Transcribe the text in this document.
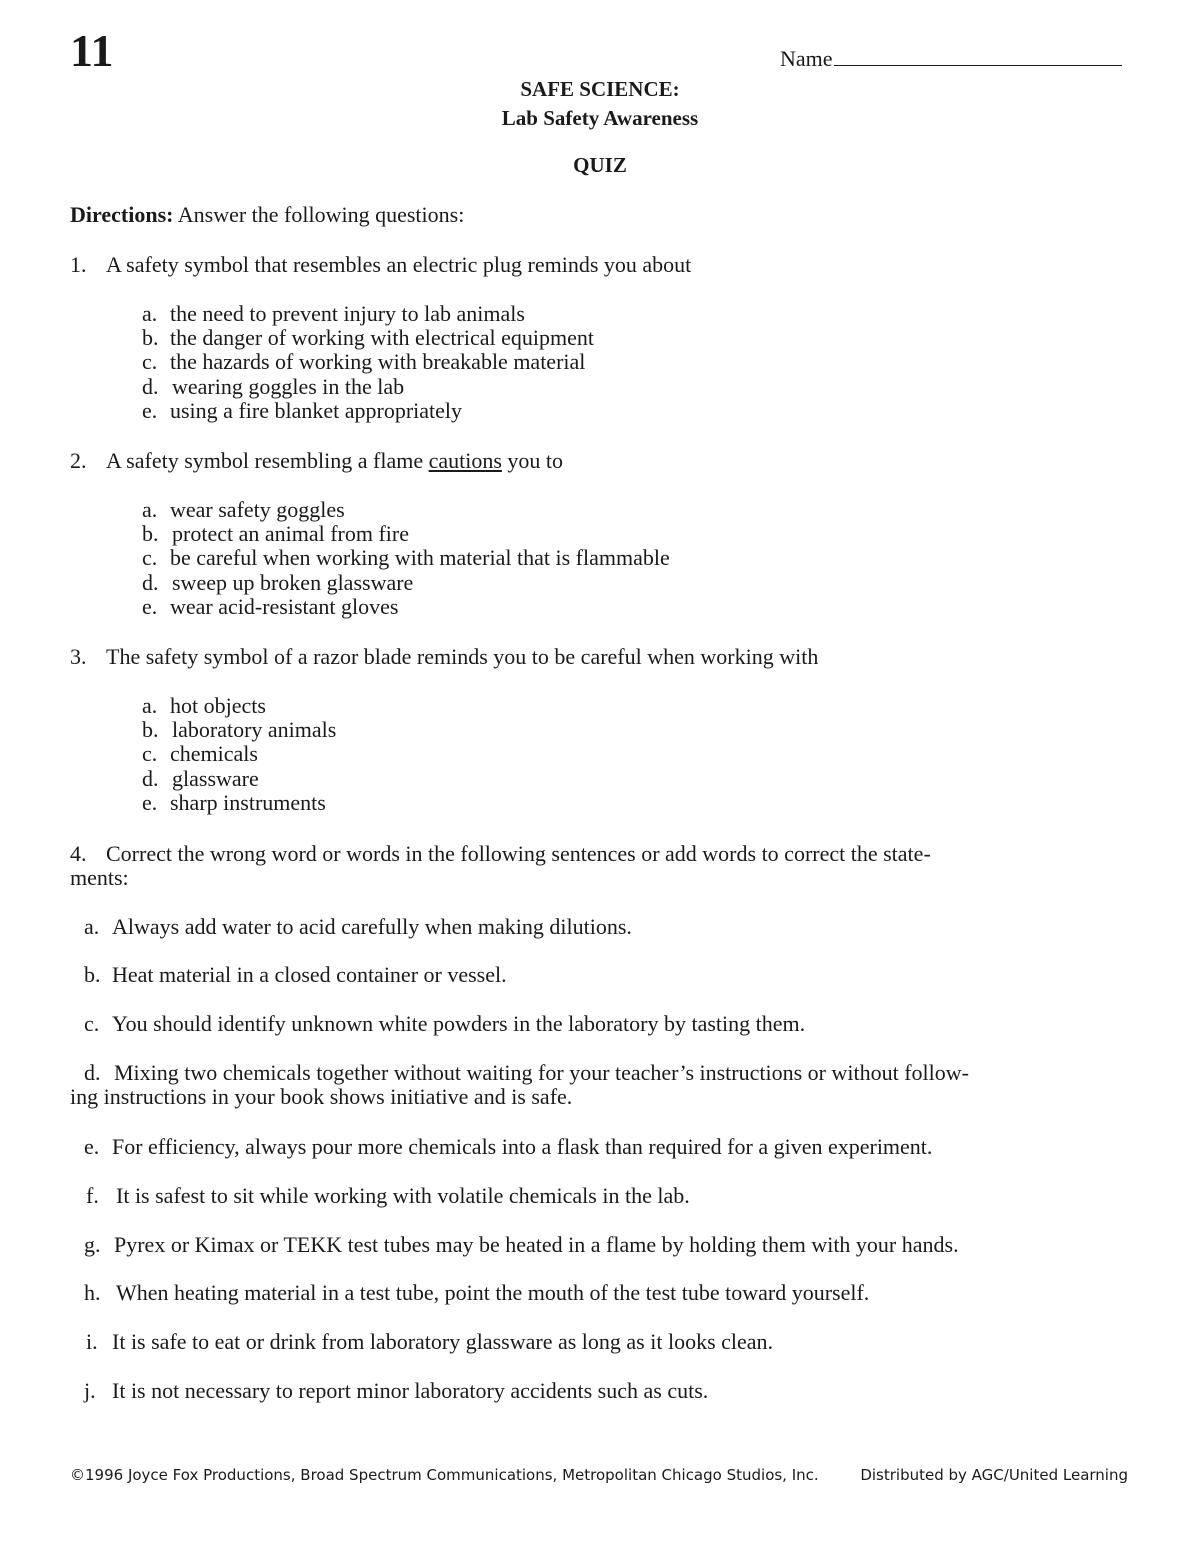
11	Name
SAFE SCIENCE:
Lab Safety Awareness
QUIZ
Directions: Answer the following questions:
1. A safety symbol that resembles an electric plug reminds you about
a. the need to prevent injury to lab animals
b. the danger of working with electrical equipment
c. the hazards of working with breakable material
d. wearing goggles in the lab
e. using a fire blanket appropriately
2. A safety symbol resembling a flame cautions you to
a. wear safety goggles
b. protect an animal from fire
c. be careful when working with material that is flammable
d. sweep up broken glassware
e. wear acid-resistant gloves
3. The safety symbol of a razor blade reminds you to be careful when working with
a. hot objects
b. laboratory animals
c. chemicals
d. glassware
e. sharp instruments
4. Correct the wrong word or words in the following sentences or add words to correct the state-
ments:
a. Always add water to acid carefully when making dilutions.
b. Heat material in a closed container or vessel.
c. You should identify unknown white powders in the laboratory by tasting them.
d. Mixing two chemicals together without waiting for your teacher’s instructions or without follow-
ing instructions in your book shows initiative and is safe.
e. For efficiency, always pour more chemicals into a flask than required for a given experiment.
f. It is safest to sit while working with volatile chemicals in the lab.
g. Pyrex or Kimax or TEKK test tubes may be heated in a flame by holding them with your hands.
h. When heating material in a test tube, point the mouth of the test tube toward yourself.
i. It is safe to eat or drink from laboratory glassware as long as it looks clean.
j. It is not necessary to report minor laboratory accidents such as cuts.
©1996 Joyce Fox Productions, Broad Spectrum Communications, Metropolitan Chicago Studios, Inc.	Distributed by AGC/United Learning
